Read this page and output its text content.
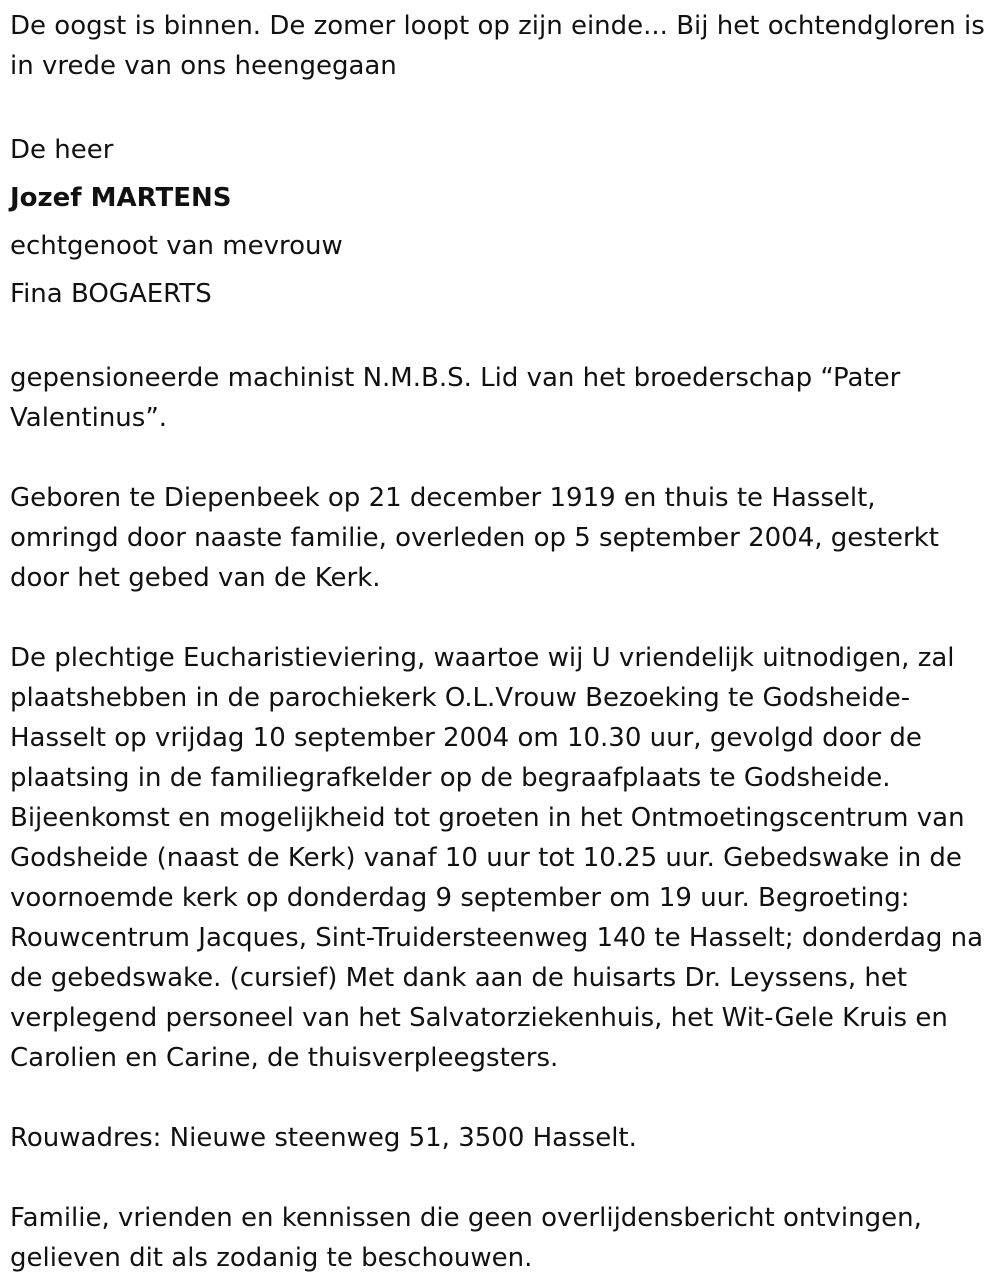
De oogst is binnen. De zomer loopt op zijn einde... Bij het ochtendgloren is in vrede van ons heengegaan

De heer
Jozef MARTENS
echtgenoot van mevrouw
Fina BOGAERTS

gepensioneerde machinist N.M.B.S. Lid van het broederschap “Pater Valentinus”.

Geboren te Diepenbeek op 21 december 1919 en thuis te Hasselt, omringd door naaste familie, overleden op 5 september 2004, gesterkt door het gebed van de Kerk.

De plechtige Eucharistieviering, waartoe wij U vriendelijk uitnodigen, zal plaatshebben in de parochiekerk O.L.Vrouw Bezoeking te Godsheide-Hasselt op vrijdag 10 september 2004 om 10.30 uur, gevolgd door de plaatsing in de familiegrafkelder op de begraafplaats te Godsheide. Bijeenkomst en mogelijkheid tot groeten in het Ontmoetingscentrum van Godsheide (naast de Kerk) vanaf 10 uur tot 10.25 uur. Gebedswake in de voornoemde kerk op donderdag 9 september om 19 uur. Begroeting: Rouwcentrum Jacques, Sint-Truidersteenweg 140 te Hasselt; donderdag na de gebedswake. (cursief) Met dank aan de huisarts Dr. Leyssens, het verplegend personeel van het Salvatorziekenhuis, het Wit-Gele Kruis en Carolien en Carine, de thuisverpleegsters.

Rouwadres: Nieuwe steenweg 51, 3500 Hasselt.

Familie, vrienden en kennissen die geen overlijdensbericht ontvingen, gelieven dit als zodanig te beschouwen.
